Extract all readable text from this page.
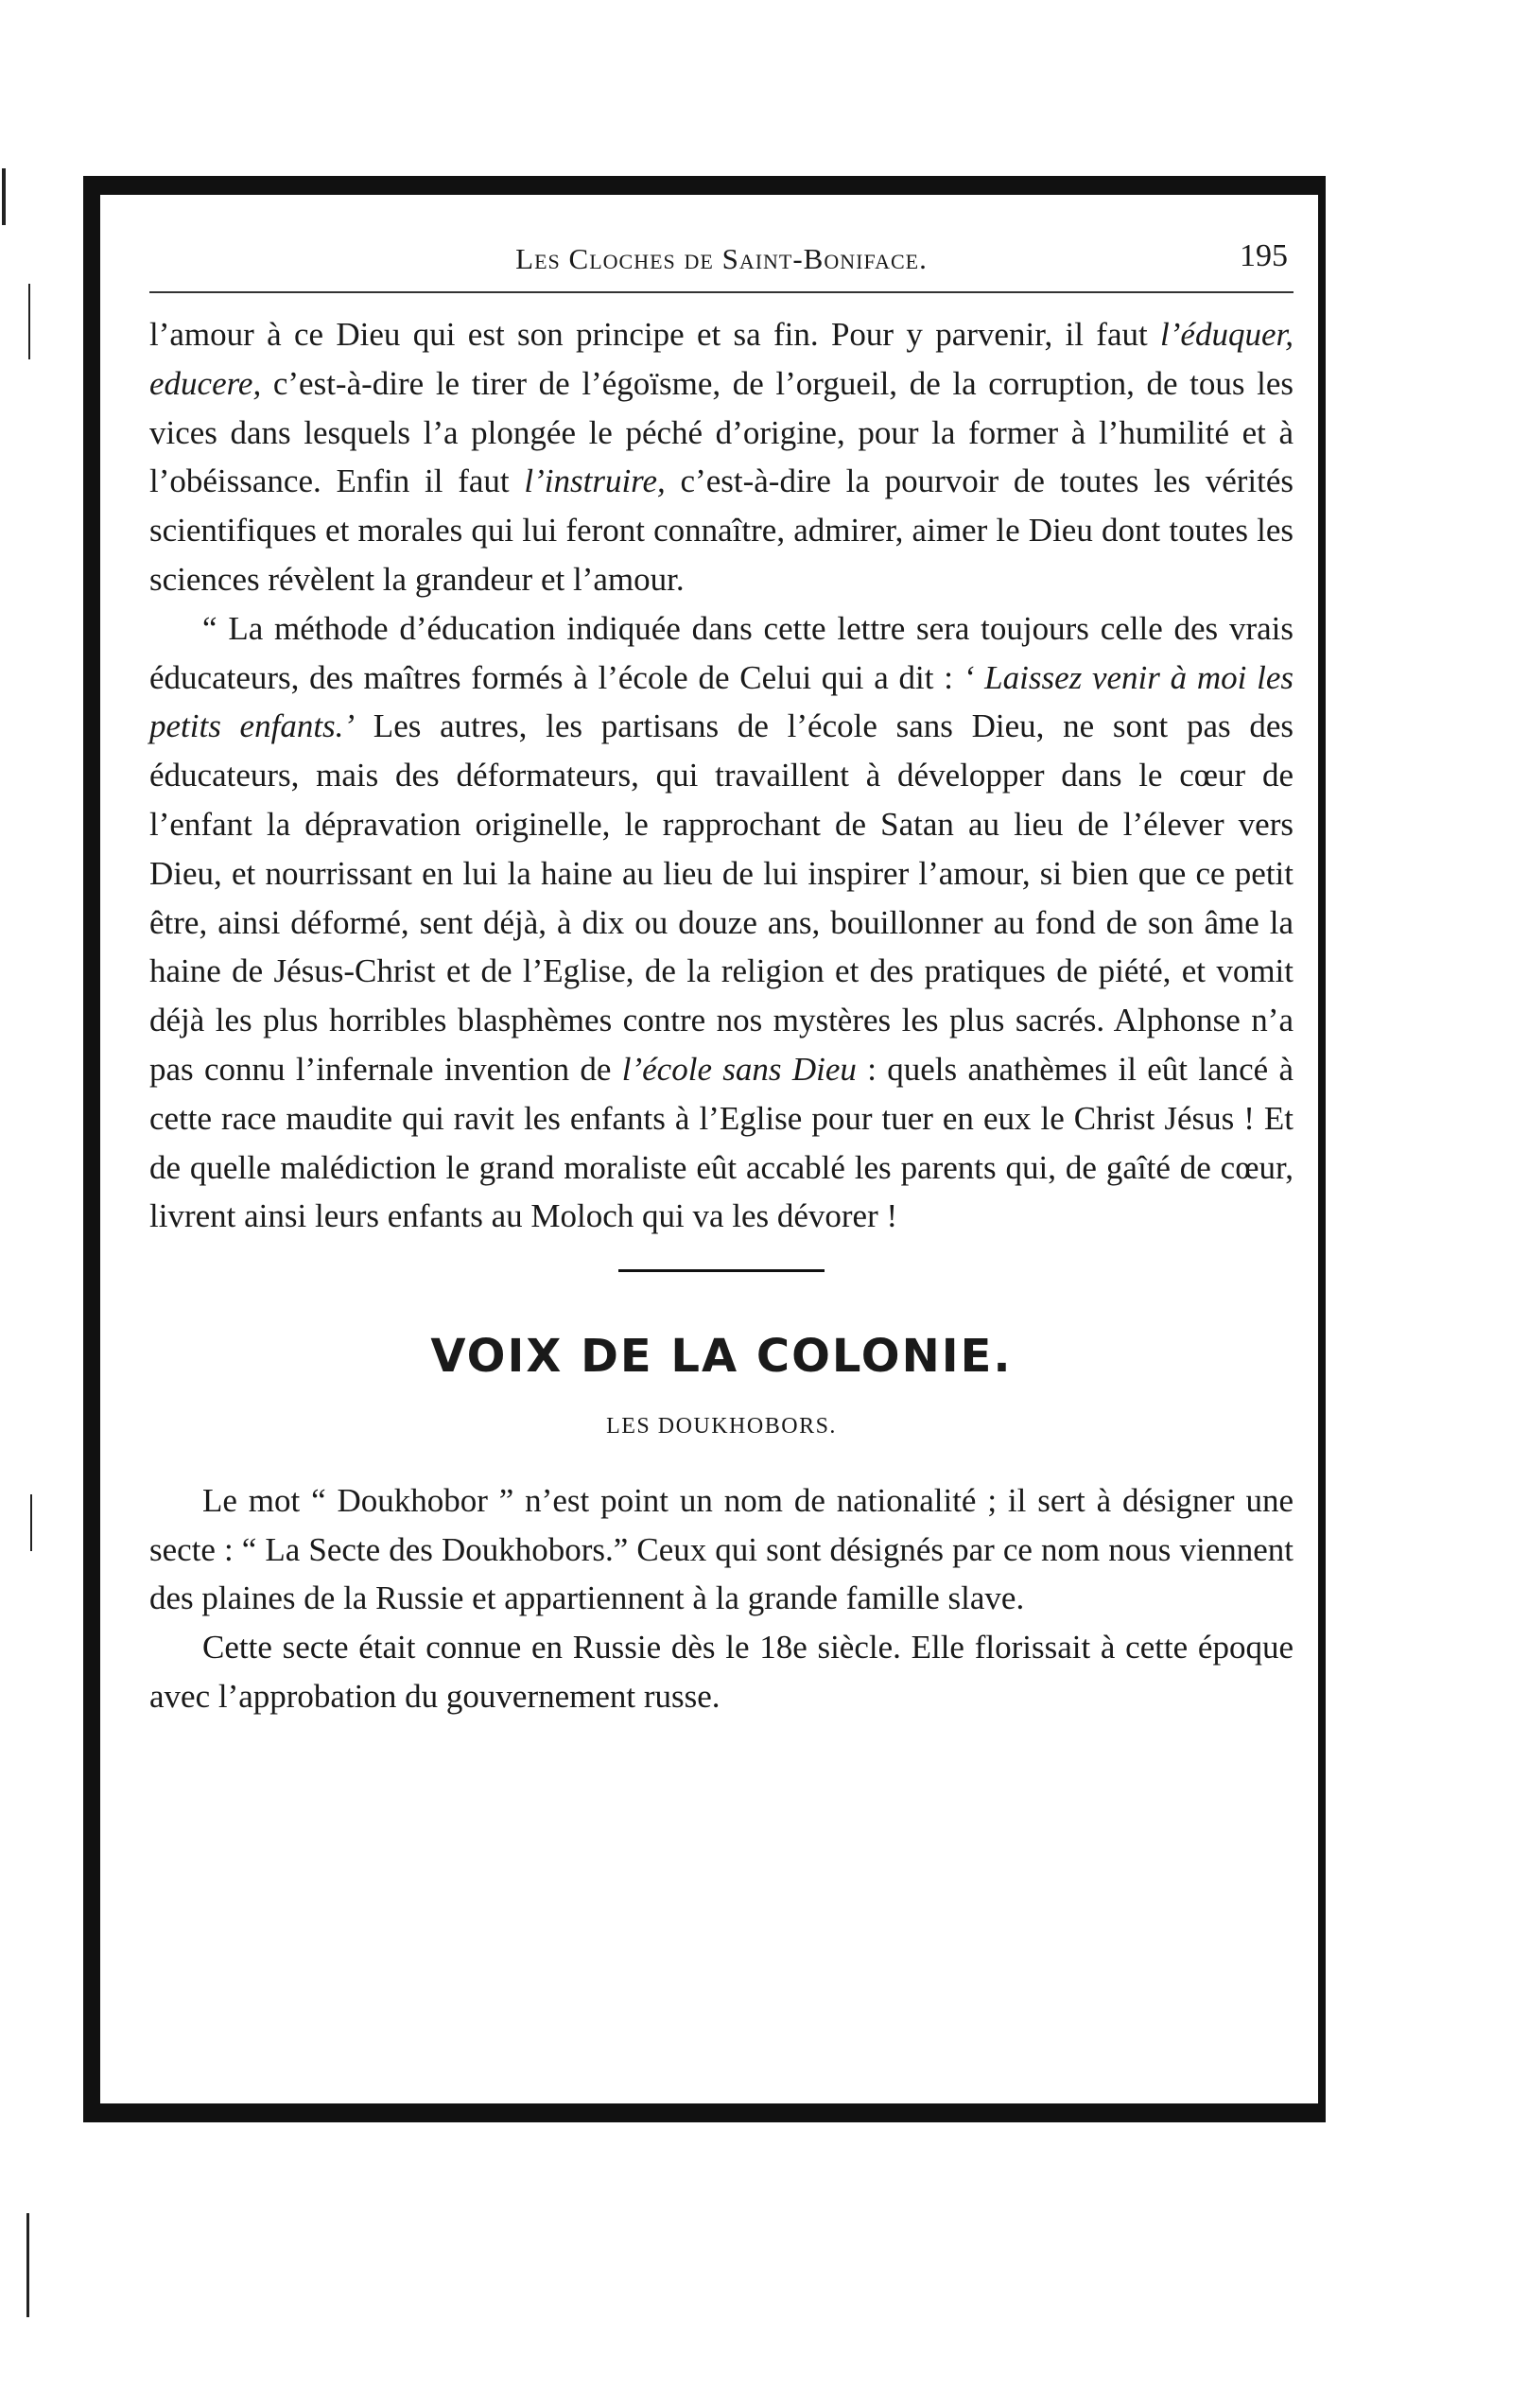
Les Cloches de Saint-Boniface.	195

l’amour à ce Dieu qui est son principe et sa fin. Pour y parvenir, il faut l’éduquer, educere, c’est-à-dire le tirer de l’égoïsme, de l’orgueil, de la corruption, de tous les vices dans lesquels l’a plongée le péché d’origine, pour la former à l’humilité et à l’obéissance. Enfin il faut l’instruire, c’est-à-dire la pourvoir de toutes les vérités scientifiques et morales qui lui feront connaître, admirer, aimer le Dieu dont toutes les sciences révèlent la grandeur et l’amour.

“ La méthode d’éducation indiquée dans cette lettre sera toujours celle des vrais éducateurs, des maîtres formés à l’école de Celui qui a dit : ‘ Laissez venir à moi les petits enfants.’ Les autres, les partisans de l’école sans Dieu, ne sont pas des éducateurs, mais des déformateurs, qui travaillent à développer dans le cœur de l’enfant la dépravation originelle, le rapprochant de Satan au lieu de l’élever vers Dieu, et nourrissant en lui la haine au lieu de lui inspirer l’amour, si bien que ce petit être, ainsi déformé, sent déjà, à dix ou douze ans, bouillonner au fond de son âme la haine de Jésus-Christ et de l’Eglise, de la religion et des pratiques de piété, et vomit déjà les plus horribles blasphèmes contre nos mystères les plus sacrés. Alphonse n’a pas connu l’infernale invention de l’école sans Dieu : quels anathèmes il eût lancé à cette race maudite qui ravit les enfants à l’Eglise pour tuer en eux le Christ Jésus ! Et de quelle malédiction le grand moraliste eût accablé les parents qui, de gaîté de cœur, livrent ainsi leurs enfants au Moloch qui va les dévorer !

VOIX DE LA COLONIE.
LES DOUKHOBORS.

Le mot “ Doukhobor ” n’est point un nom de nationalité ; il sert à désigner une secte : “ La Secte des Doukhobors.” Ceux qui sont désignés par ce nom nous viennent des plaines de la Russie et appartiennent à la grande famille slave.

Cette secte était connue en Russie dès le 18e siècle. Elle florissait à cette époque avec l’approbation du gouvernement russe.
